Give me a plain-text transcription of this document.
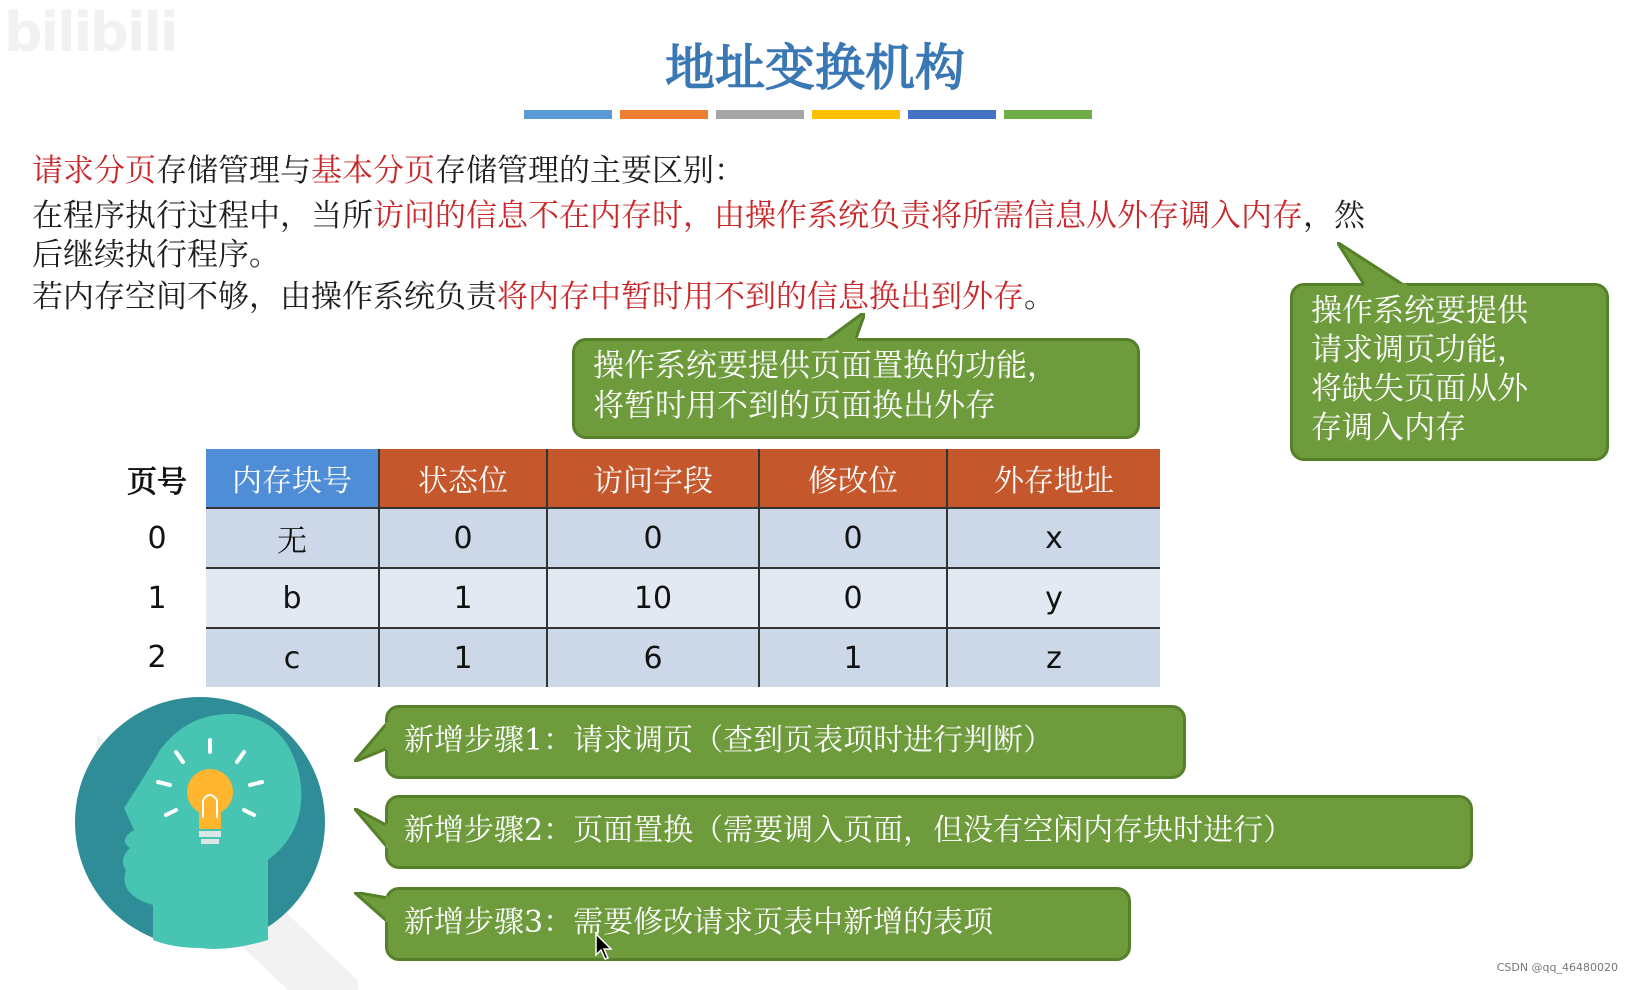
bilibili
地址变换机构
请求分页存储管理与基本分页存储管理的主要区别：
在程序执行过程中，当所访问的信息不在内存时，由操作系统负责将所需信息从外存调入内存，然
后继续执行程序。
若内存空间不够，由操作系统负责将内存中暂时用不到的信息换出到外存。	操作系统要提供
请求调页功能，
将缺失页面从外
存调入内存
操作系统要提供页面置换的功能，
将暂时用不到的页面换出外存
页号	内存块号	状态位	访问字段	修改位	外存地址
0	无	0	0	0	x
1	b	1	10	0	y
2	c	1	6	1	z
新增步骤1：请求调页（查到页表项时进行判断）
新增步骤2：页面置换（需要调入页面，但没有空闲内存块时进行）
新增步骤3：需要修改请求页表中新增的表项
CSDN @qq_46480020
